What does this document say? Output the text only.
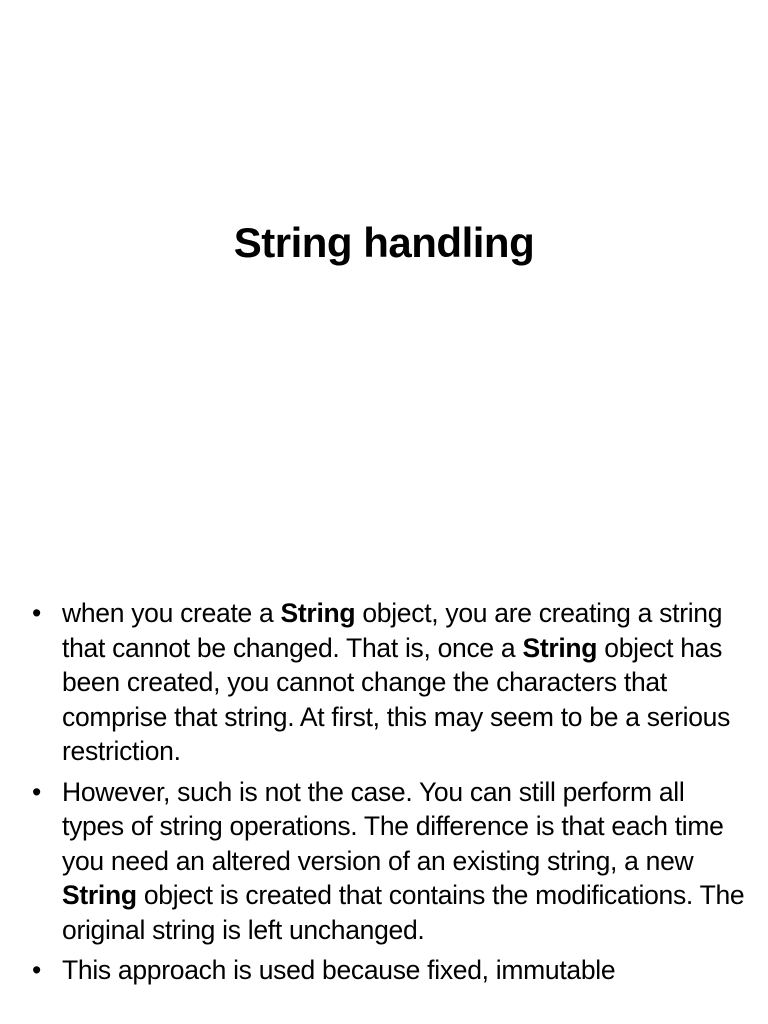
String handling
• when you create a String object, you are creating a string that cannot be changed. That is, once a String object has been created, you cannot change the characters that comprise that string. At first, this may seem to be a serious restriction.
• However, such is not the case. You can still perform all types of string operations. The difference is that each time you need an altered version of an existing string, a new String object is created that contains the modifications. The original string is left unchanged.
• This approach is used because fixed, immutable
